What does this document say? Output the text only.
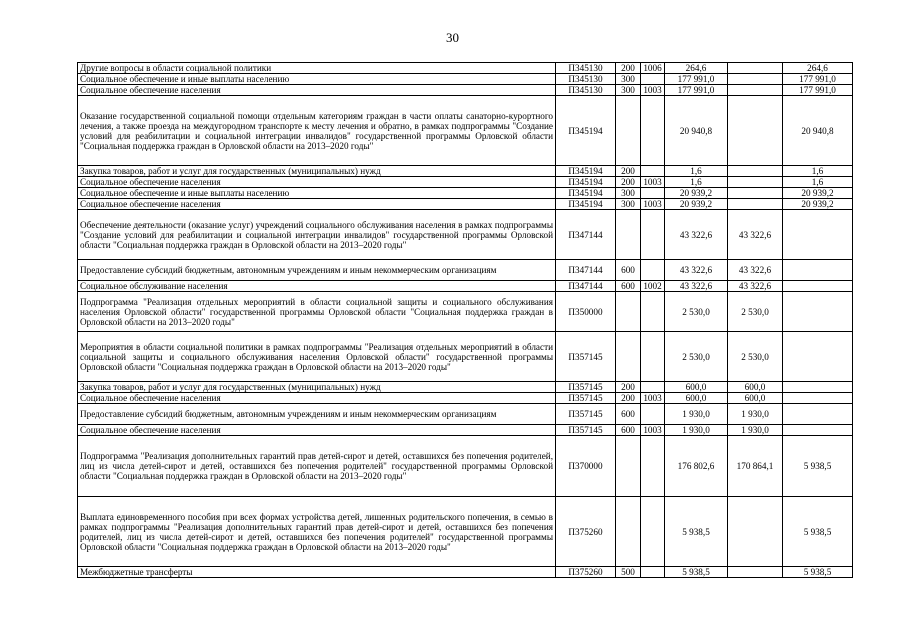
30
Другие вопросы в области социальной политики	П345130	200	1006	264,6		264,6
Социальное обеспечение и иные выплаты населению	П345130	300		177 991,0		177 991,0
Социальное обеспечение населения	П345130	300	1003	177 991,0		177 991,0
Оказание государственной социальной помощи отдельным категориям граждан в части оплаты санаторно-курортного лечения, а также проезда на междугородном транспорте к месту лечения и обратно, в рамках подпрограммы "Создание условий для реабилитации и социальной интеграции инвалидов" государственной программы Орловской области "Социальная поддержка граждан в Орловской области на 2013–2020 годы"	П345194			20 940,8		20 940,8
Закупка товаров, работ и услуг для государственных (муниципальных) нужд	П345194	200		1,6		1,6
Социальное обеспечение населения	П345194	200	1003	1,6		1,6
Социальное обеспечение и иные выплаты населению	П345194	300		20 939,2		20 939,2
Социальное обеспечение населения	П345194	300	1003	20 939,2		20 939,2
Обеспечение деятельности (оказание услуг) учреждений социального обслуживания населения в рамках подпрограммы "Создание условий для реабилитации и социальной интеграции инвалидов" государственной программы Орловской области "Социальная поддержка граждан в Орловской области на 2013–2020 годы"	П347144			43 322,6	43 322,6	
Предоставление субсидий бюджетным, автономным учреждениям и иным некоммерческим организациям	П347144	600		43 322,6	43 322,6	
Социальное обслуживание населения	П347144	600	1002	43 322,6	43 322,6	
Подпрограмма "Реализация отдельных мероприятий в области социальной защиты и социального обслуживания населения Орловской области" государственной программы Орловской области "Социальная поддержка граждан в Орловской области на 2013–2020 годы"	П350000			2 530,0	2 530,0	
Мероприятия в области социальной политики в рамках подпрограммы "Реализация отдельных мероприятий в области социальной защиты и социального обслуживания населения Орловской области" государственной программы Орловской области "Социальная поддержка граждан в Орловской области на 2013–2020 годы"	П357145			2 530,0	2 530,0	
Закупка товаров, работ и услуг для государственных (муниципальных) нужд	П357145	200		600,0	600,0	
Социальное обеспечение населения	П357145	200	1003	600,0	600,0	
Предоставление субсидий бюджетным, автономным учреждениям и иным некоммерческим организациям	П357145	600		1 930,0	1 930,0	
Социальное обеспечение населения	П357145	600	1003	1 930,0	1 930,0	
Подпрограмма "Реализация дополнительных гарантий прав детей-сирот и детей, оставшихся без попечения родителей, лиц из числа детей-сирот и детей, оставшихся без попечения родителей" государственной программы Орловской области "Социальная поддержка граждан в Орловской области на 2013–2020 годы"	П370000			176 802,6	170 864,1	5 938,5
Выплата единовременного пособия при всех формах устройства детей, лишенных родительского попечения, в семью в рамках подпрограммы "Реализация дополнительных гарантий прав детей-сирот и детей, оставшихся без попечения родителей, лиц из числа детей-сирот и детей, оставшихся без попечения родителей" государственной программы Орловской области "Социальная поддержка граждан в Орловской области на 2013–2020 годы"	П375260			5 938,5		5 938,5
Межбюджетные трансферты	П375260	500		5 938,5		5 938,5
